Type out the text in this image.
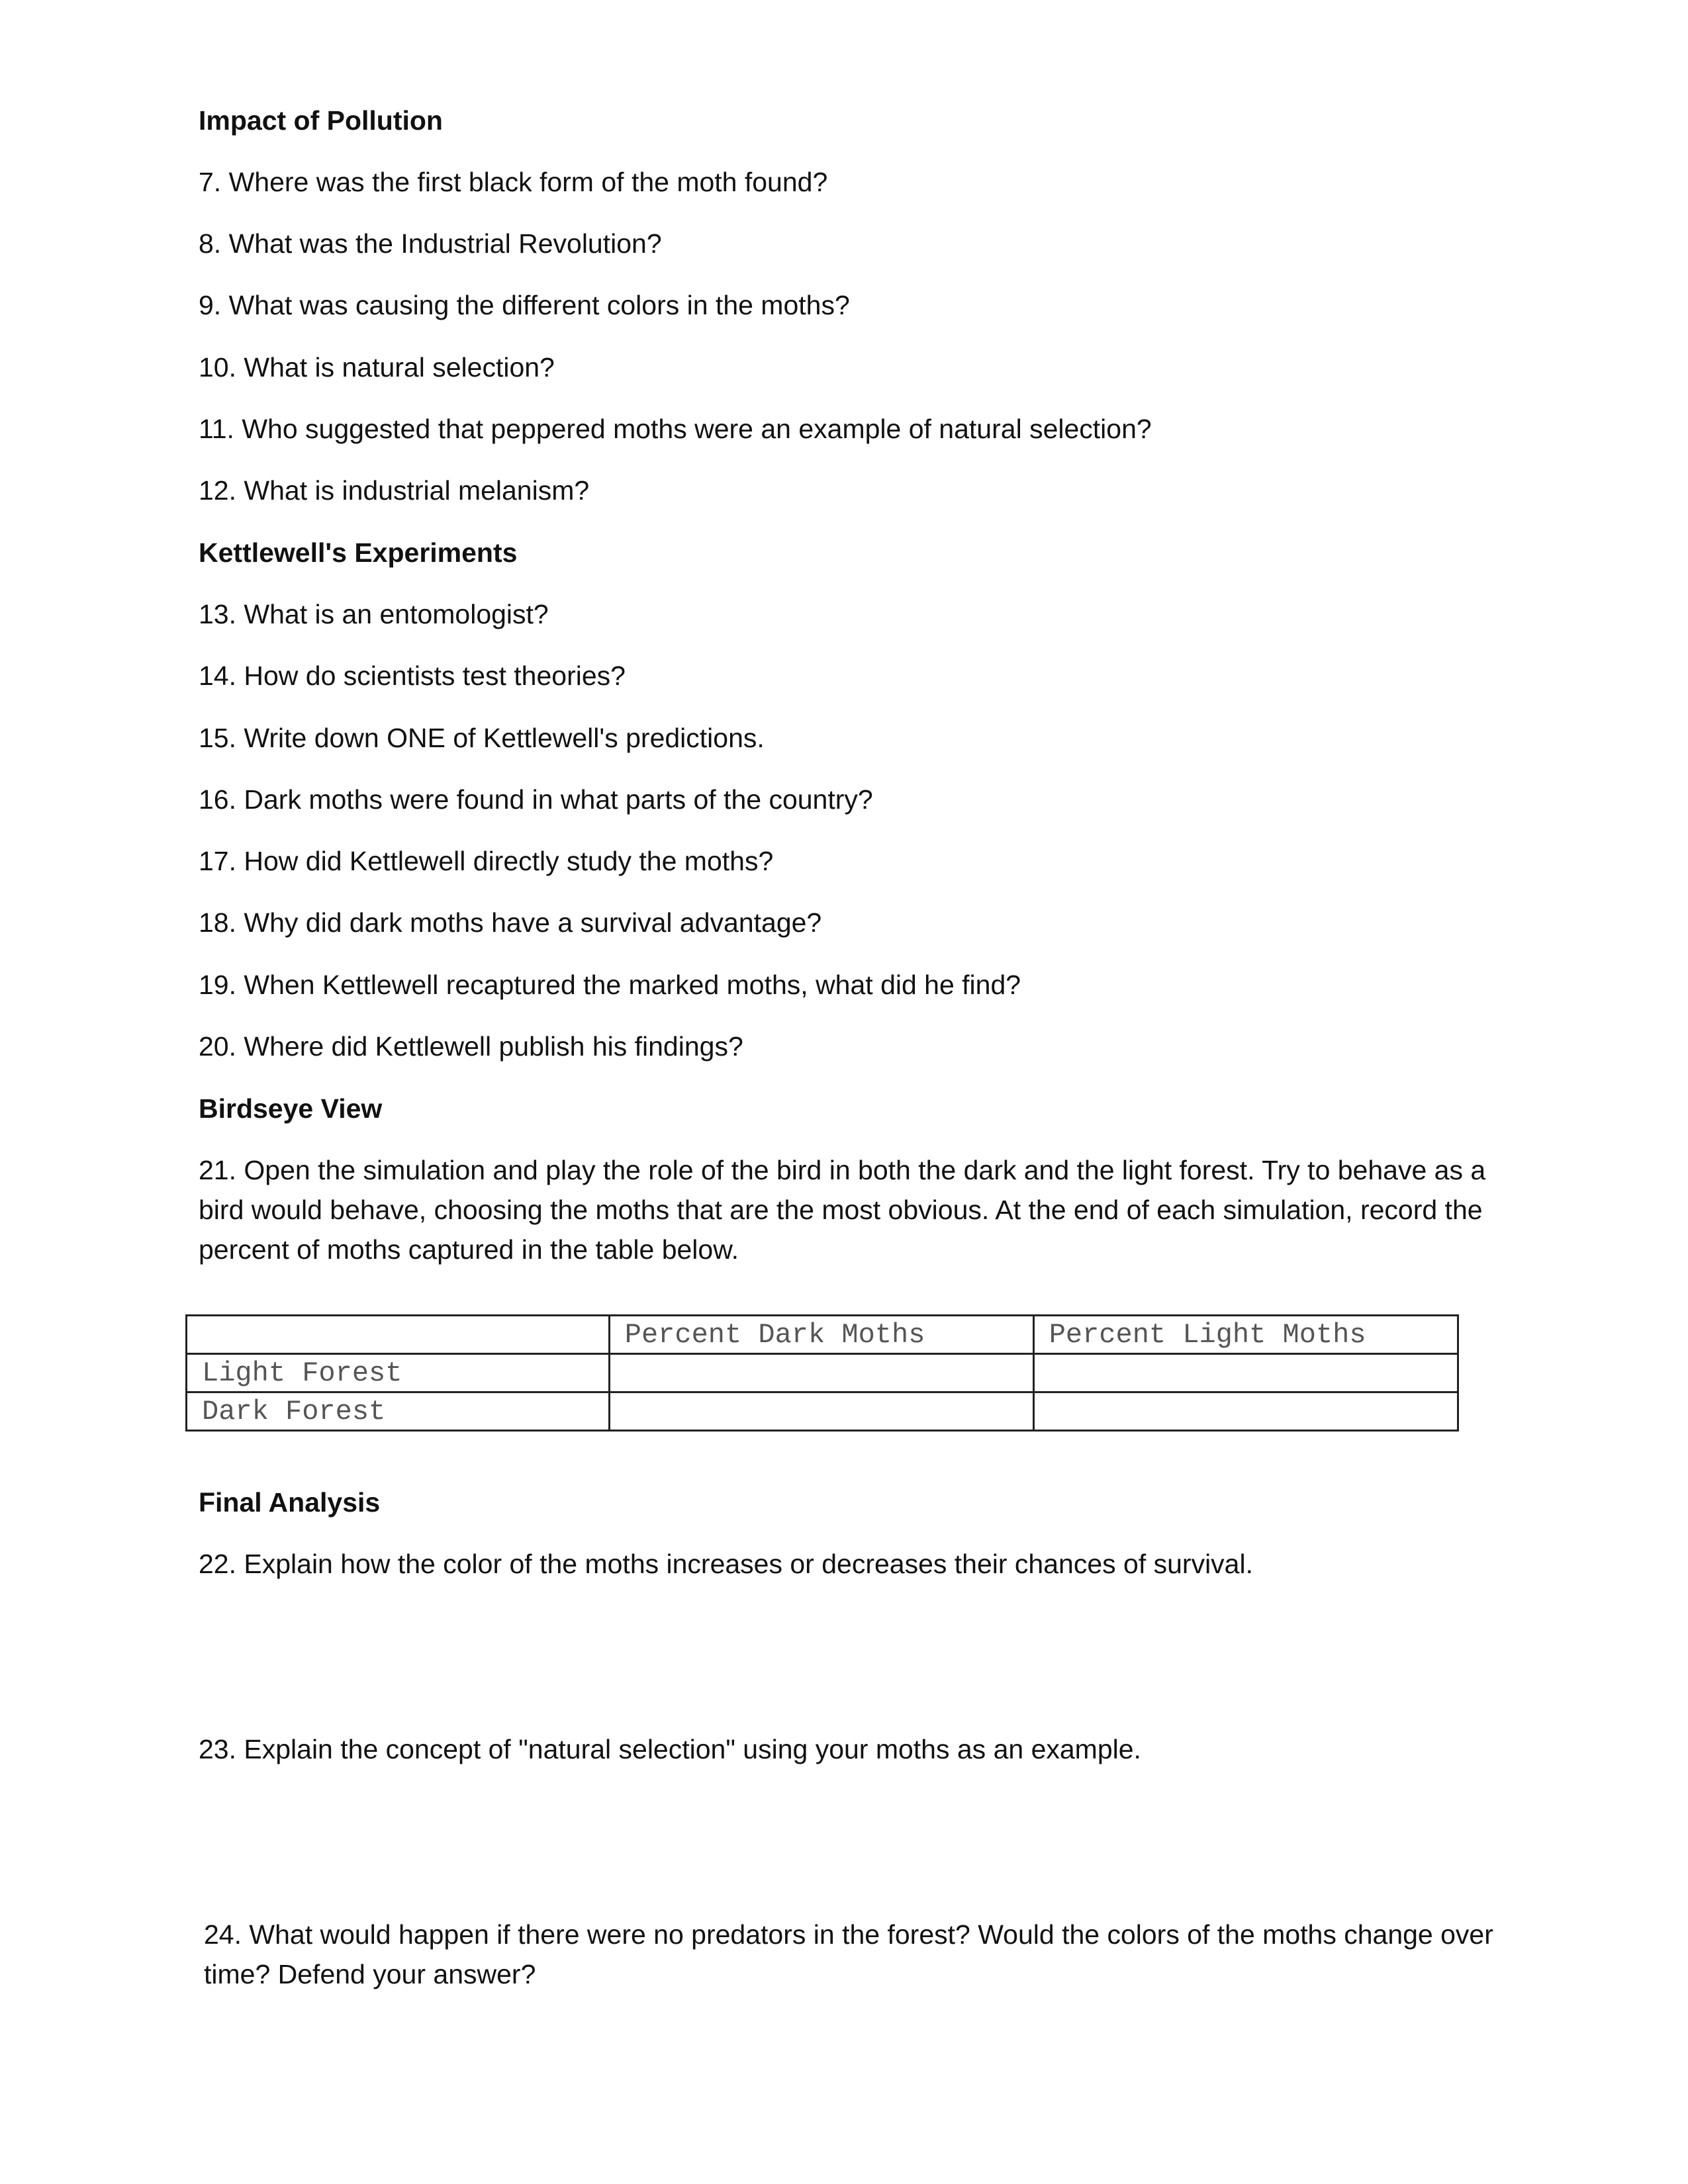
Impact of Pollution
7. Where was the first black form of the moth found?
8. What was the Industrial Revolution?
9. What was causing the different colors in the moths?
10. What is natural selection?
11. Who suggested that peppered moths were an example of natural selection?
12. What is industrial melanism?
Kettlewell's Experiments
13. What is an entomologist?
14. How do scientists test theories?
15. Write down ONE of Kettlewell's predictions.
16. Dark moths were found in what parts of the country?
17. How did Kettlewell directly study the moths?
18. Why did dark moths have a survival advantage?
19. When Kettlewell recaptured the marked moths, what did he find?
20. Where did Kettlewell publish his findings?
Birdseye View
21. Open the simulation and play the role of the bird in both the dark and the light forest. Try to behave as a bird would behave, choosing the moths that are the most obvious. At the end of each simulation, record the percent of moths captured in the table below.
	Percent Dark Moths	Percent Light Moths
Light Forest		
Dark Forest		
Final Analysis
22. Explain how the color of the moths increases or decreases their chances of survival.
23. Explain the concept of "natural selection" using your moths as an example.
24. What would happen if there were no predators in the forest? Would the colors of the moths change over time? Defend your answer?
